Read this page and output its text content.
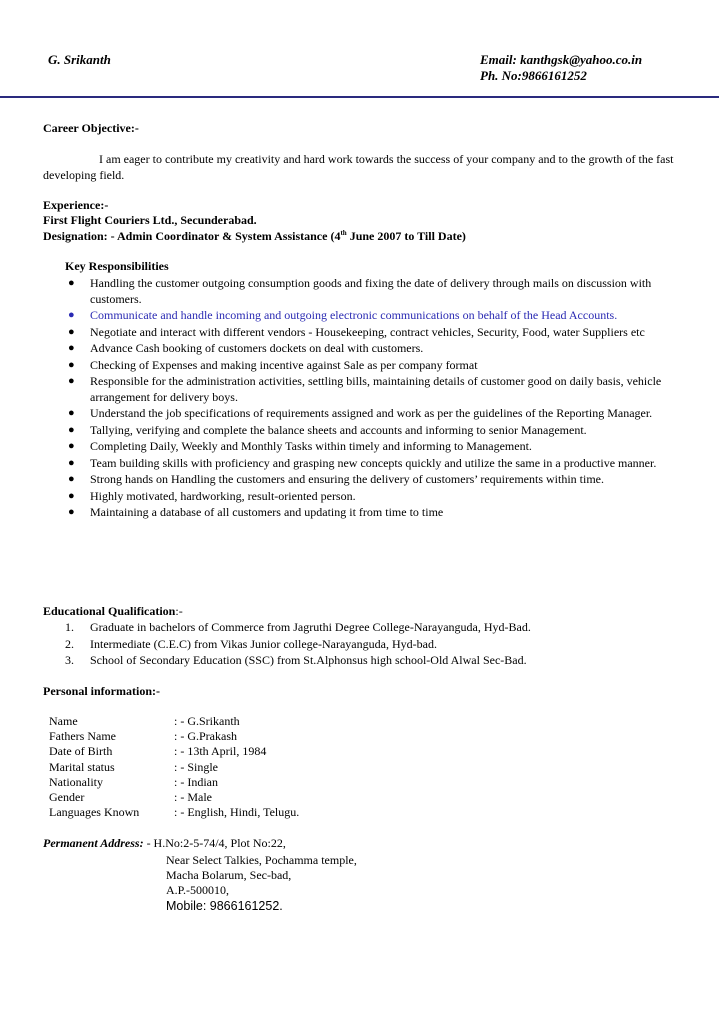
G. Srikanth	Email: kanthgsk@yahoo.co.in
Ph. No:9866161252
Career Objective:-
I am eager to contribute my creativity and hard work towards the success of your company and to the growth of the fast developing field.
Experience:-
First Flight Couriers Ltd., Secunderabad.
Designation: - Admin Coordinator & System Assistance (4th June 2007 to Till Date)
Key Responsibilities
● Handling the customer outgoing consumption goods and fixing the date of delivery through mails on discussion with customers.
● Communicate and handle incoming and outgoing electronic communications on behalf of the Head Accounts.
● Negotiate and interact with different vendors - Housekeeping, contract vehicles, Security, Food, water Suppliers etc
● Advance Cash booking of customers dockets on deal with customers.
● Checking of Expenses and making incentive against Sale as per company format
● Responsible for the administration activities, settling bills, maintaining details of customer good on daily basis, vehicle arrangement for delivery boys.
● Understand the job specifications of requirements assigned and work as per the guidelines of the Reporting Manager.
● Tallying, verifying and complete the balance sheets and accounts and informing to senior Management.
● Completing Daily, Weekly and Monthly Tasks within timely and informing to Management.
● Team building skills with proficiency and grasping new concepts quickly and utilize the same in a productive manner.
● Strong hands on Handling the customers and ensuring the delivery of customers’ requirements within time.
● Highly motivated, hardworking, result-oriented person.
● Maintaining a database of all customers and updating it from time to time
Educational Qualification:-
1. Graduate in bachelors of Commerce from Jagruthi Degree College-Narayanguda, Hyd-Bad.
2. Intermediate (C.E.C) from Vikas Junior college-Narayanguda, Hyd-bad.
3. School of Secondary Education (SSC) from St.Alphonsus high school-Old Alwal Sec-Bad.
Personal information:-
Name	: - G.Srikanth
Fathers Name	: - G.Prakash
Date of Birth	: - 13th April, 1984
Marital status	: - Single
Nationality	: - Indian
Gender	: - Male
Languages Known	: - English, Hindi, Telugu.
Permanent Address: - H.No:2-5-74/4, Plot No:22,
Near Select Talkies, Pochamma temple,
Macha Bolarum, Sec-bad,
A.P.-500010,
Mobile: 9866161252.
